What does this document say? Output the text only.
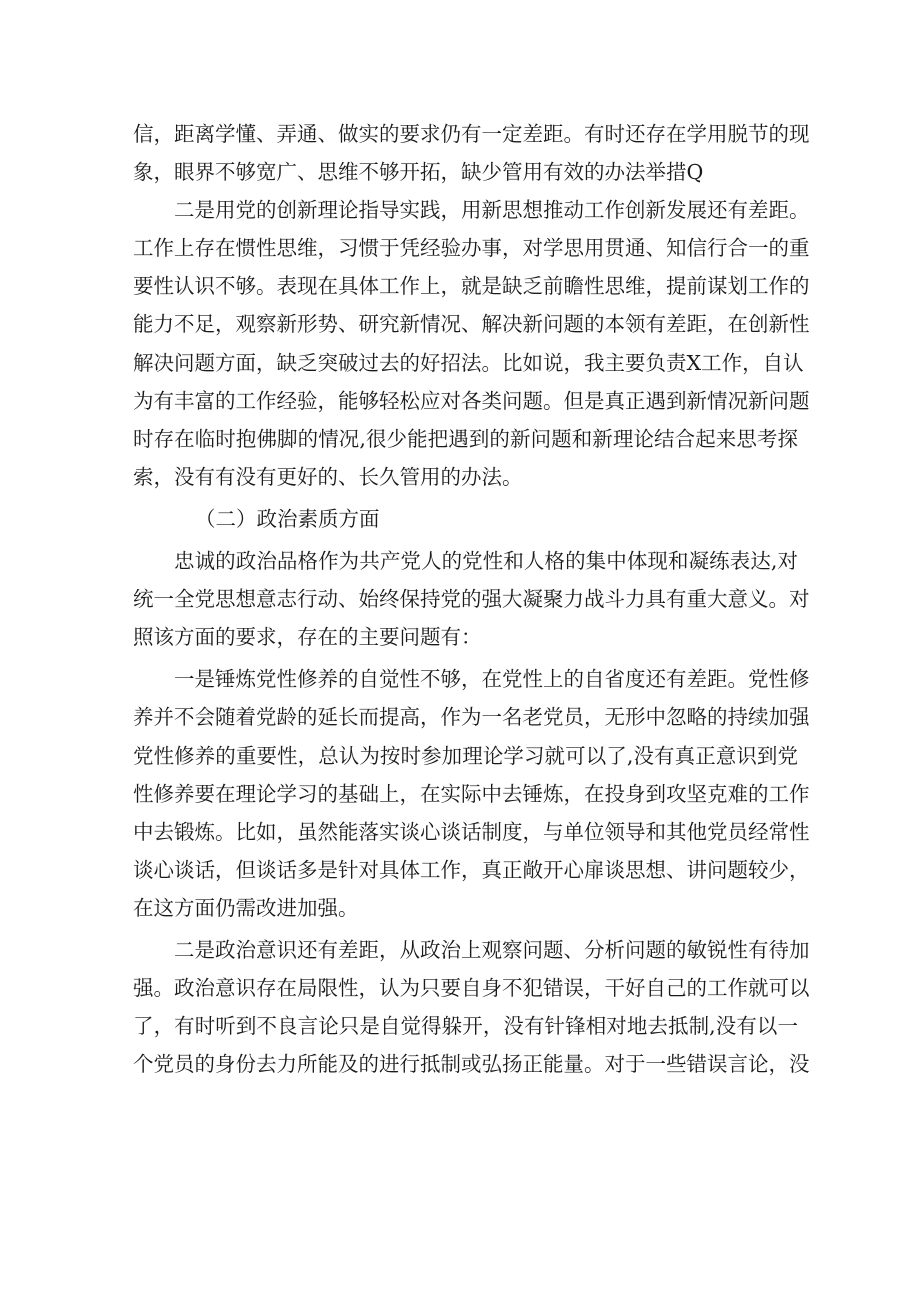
信，距离学懂、弄通、做实的要求仍有一定差距。有时还存在学用脱节的现
象，眼界不够宽广、思维不够开拓，缺少管用有效的办法举措Q
二是用党的创新理论指导实践，用新思想推动工作创新发展还有差距。
工作上存在惯性思维，习惯于凭经验办事，对学思用贯通、知信行合一的重
要性认识不够。表现在具体工作上，就是缺乏前瞻性思维，提前谋划工作的
能力不足，观察新形势、研究新情况、解决新问题的本领有差距，在创新性
解决问题方面，缺乏突破过去的好招法。比如说，我主要负责X工作，自认
为有丰富的工作经验，能够轻松应对各类问题。但是真正遇到新情况新问题
时存在临时抱佛脚的情况,很少能把遇到的新问题和新理论结合起来思考探
索，没有有没有更好的、长久管用的办法。
（二）政治素质方面
忠诚的政治品格作为共产党人的党性和人格的集中体现和凝练表达,对
统一全党思想意志行动、始终保持党的强大凝聚力战斗力具有重大意义。对
照该方面的要求，存在的主要问题有：
一是锤炼党性修养的自觉性不够，在党性上的自省度还有差距。党性修
养并不会随着党龄的延长而提高，作为一名老党员，无形中忽略的持续加强
党性修养的重要性，总认为按时参加理论学习就可以了,没有真正意识到党
性修养要在理论学习的基础上，在实际中去锤炼，在投身到攻坚克难的工作
中去锻炼。比如，虽然能落实谈心谈话制度，与单位领导和其他党员经常性
谈心谈话，但谈话多是针对具体工作，真正敞开心扉谈思想、讲问题较少，
在这方面仍需改进加强。
二是政治意识还有差距，从政治上观察问题、分析问题的敏锐性有待加
强。政治意识存在局限性，认为只要自身不犯错误，干好自己的工作就可以
了，有时听到不良言论只是自觉得躲开，没有针锋相对地去抵制,没有以一
个党员的身份去力所能及的进行抵制或弘扬正能量。对于一些错误言论，没
